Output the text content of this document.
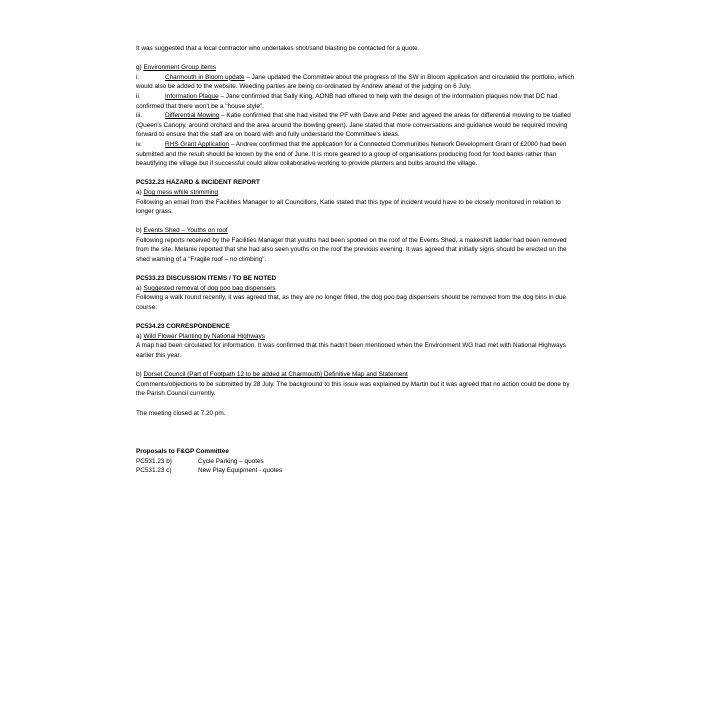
It was suggested that a local contractor who undertakes shot/sand blasting be contacted for a quote.

g) Environment Group items

i.	Charmouth in Bloom update – Jane updated the Committee about the progress of the SW in Bloom application and circulated the portfolio, which would also be added to the website. Weeding parties are being co-ordinated by Andrew ahead of the judging on 6 July.

ii.	Information Plaque – Jane confirmed that Sally King, AONB had offered to help with the design of the information plaques now that DC had confirmed that there won't be a "house style".

iii.	Differential Mowing – Katie confirmed that she had visited the PF with Dave and Peter and agreed the areas for differential mowing to be trialled (Queen's Canopy, around orchard and the area around the bowling green). Jane stated that more conversations and guidance would be required moving forward to ensure that the staff are on board with and fully understand the Committee's ideas.

iv.	RHS Grant Application – Andrew confirmed that the application for a Connected Communities Network Development Grant of £2000 had been submitted and the result should be known by the end of June. It is more geared to a group of organisations producing food for food banks rather than beautifying the village but if successful could allow collaborative working to provide planters and bulbs around the village.

PC532.23 HAZARD & INCIDENT REPORT

a) Dog mess while strimming

Following an email from the Facilities Manager to all Councillors, Katie stated that this type of incident would have to be closely monitored in relation to longer grass.

b) Events Shed – Youths on roof

Following reports received by the Facilities Manager that youths had been spotted on the roof of the Events Shed, a makeshift ladder had been removed from the site. Melanie reported that she had also seen youths on the roof the previous evening. It was agreed that initially signs should be erected on the shed warning of a "Fragile roof – no climbing".

PC533.23 DISCUSSION ITEMS / TO BE NOTED

a) Suggested removal of dog poo bag dispensers

Following a walk round recently, it was agreed that, as they are no longer filled, the dog poo bag dispensers should be removed from the dog bins in due course.

PC534.23 CORRESPONDENCE

a) Wild Flower Planting by National Highways

A map had been circulated for information. It was confirmed that this hadn't been mentioned when the Environment WG had met with National Highways earlier this year.

b) Dorset Council (Part of Footpath 12 to be added at Charmouth) Definitive Map and Statement

Comments/objections to be submitted by 28 July. The background to this issue was explained by Martin but it was agreed that no action could be done by the Parish Council currently.

The meeting closed at 7.20 pm.

Proposals to F&GP Committee

PC531.23 b)	Cycle Parking – quotes
PC531.23 c)	New Play Equipment - quotes
